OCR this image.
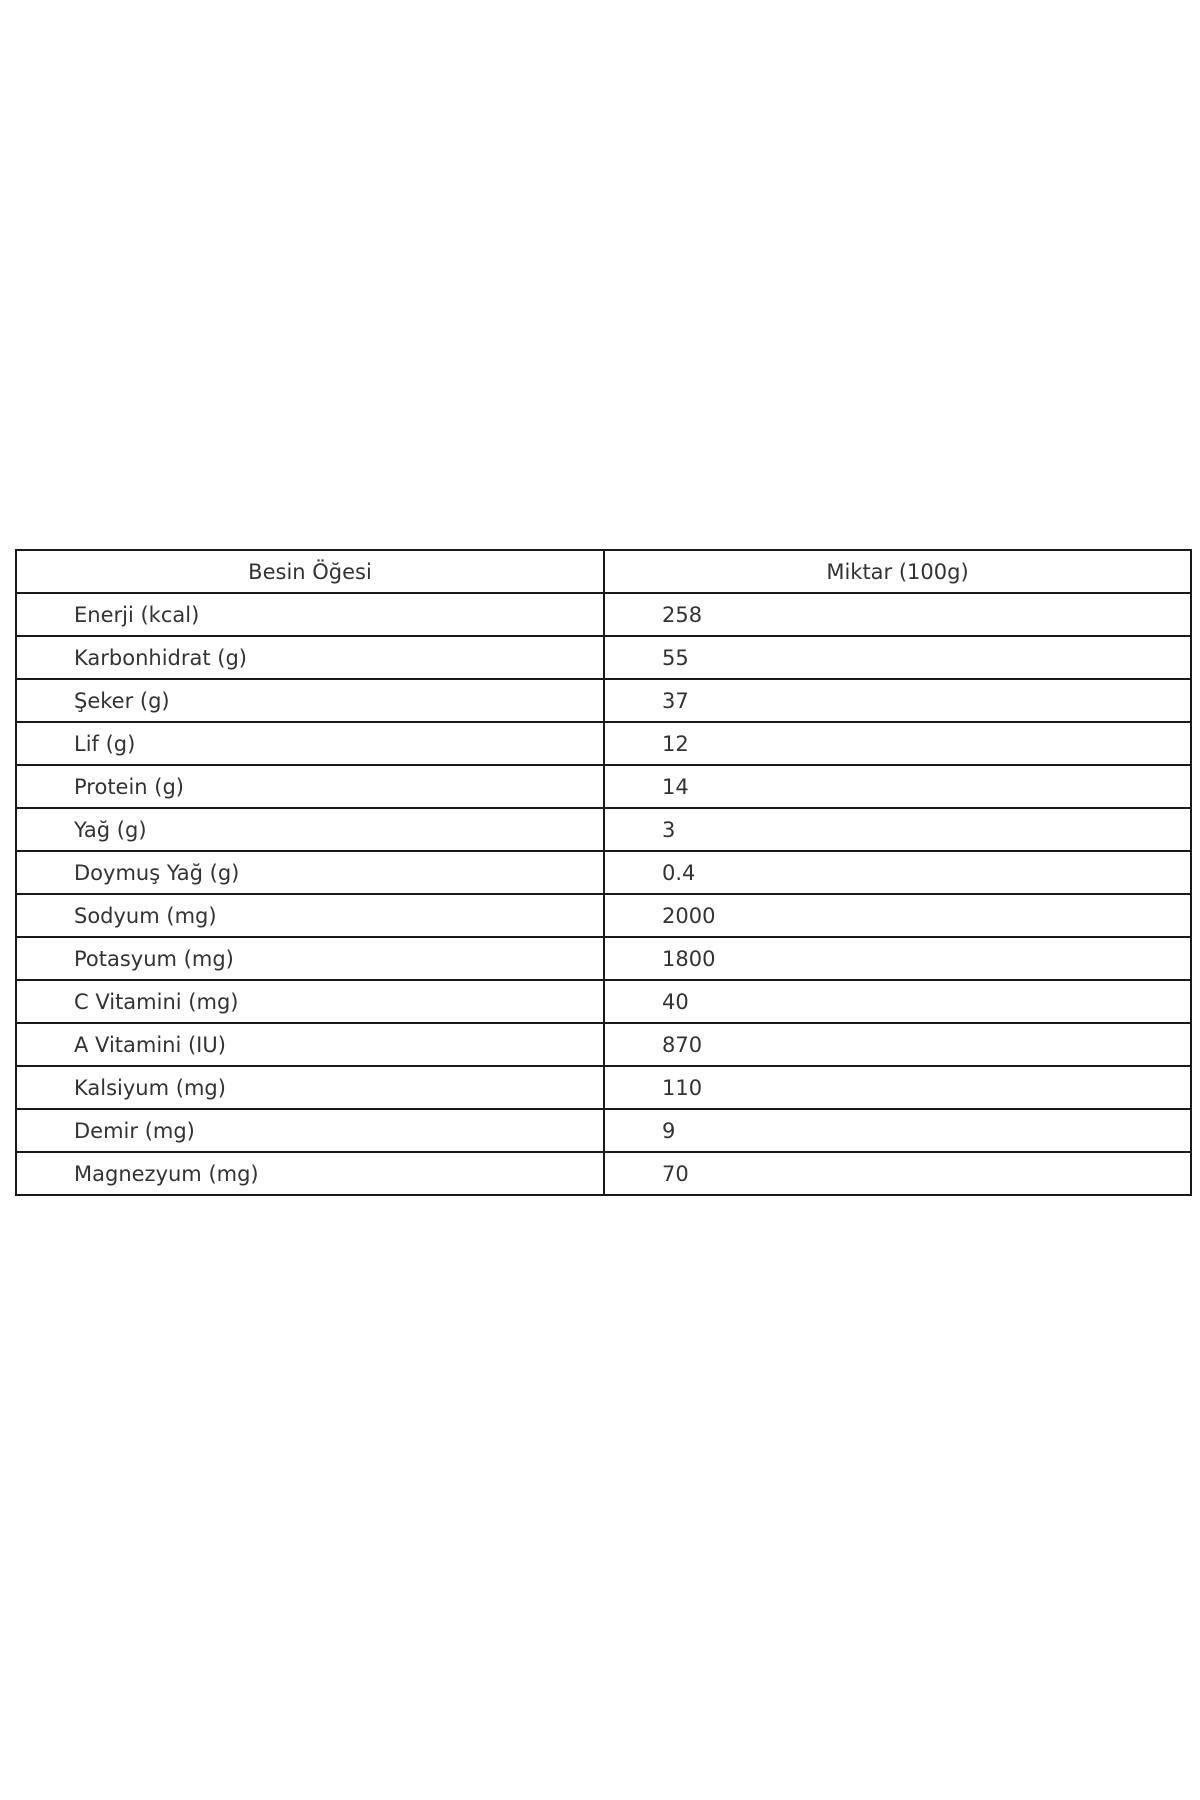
Besin Öğesi	Miktar (100g)
Enerji (kcal)	258
Karbonhidrat (g)	55
Şeker (g)	37
Lif (g)	12
Protein (g)	14
Yağ (g)	3
Doymuş Yağ (g)	0.4
Sodyum (mg)	2000
Potasyum (mg)	1800
C Vitamini (mg)	40
A Vitamini (IU)	870
Kalsiyum (mg)	110
Demir (mg)	9
Magnezyum (mg)	70
